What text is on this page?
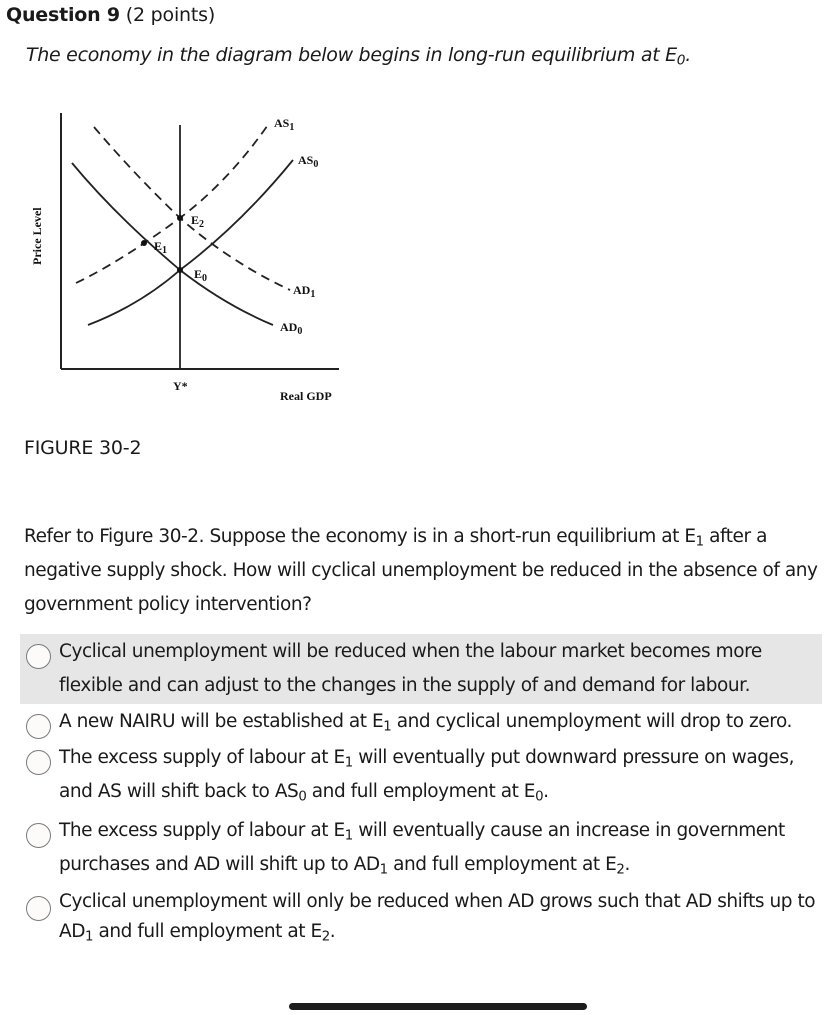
Question 9 (2 points)
The economy in the diagram below begins in long-run equilibrium at $E_0$.
Price Level
Real GDP
Y*
$AS_1$
$AS_0$
$AD_1$
$AD_0$
$E_0$
$E_1$
$E_2$
FIGURE 30-2
Refer to Figure 30-2. Suppose the economy is in a short-run equilibrium at $E_1$ after a negative supply shock. How will cyclical unemployment be reduced in the absence of any government policy intervention?
Cyclical unemployment will be reduced when the labour market becomes more flexible and can adjust to the changes in the supply of and demand for labour.
A new NAIRU will be established at $E_1$ and cyclical unemployment will drop to zero.
The excess supply of labour at $E_1$ will eventually put downward pressure on wages, and AS will shift back to $AS_0$ and full employment at $E_0$.
The excess supply of labour at $E_1$ will eventually cause an increase in government purchases and AD will shift up to $AD_1$ and full employment at $E_2$.
Cyclical unemployment will only be reduced when AD grows such that AD shifts up to $AD_1$ and full employment at $E_2$.
